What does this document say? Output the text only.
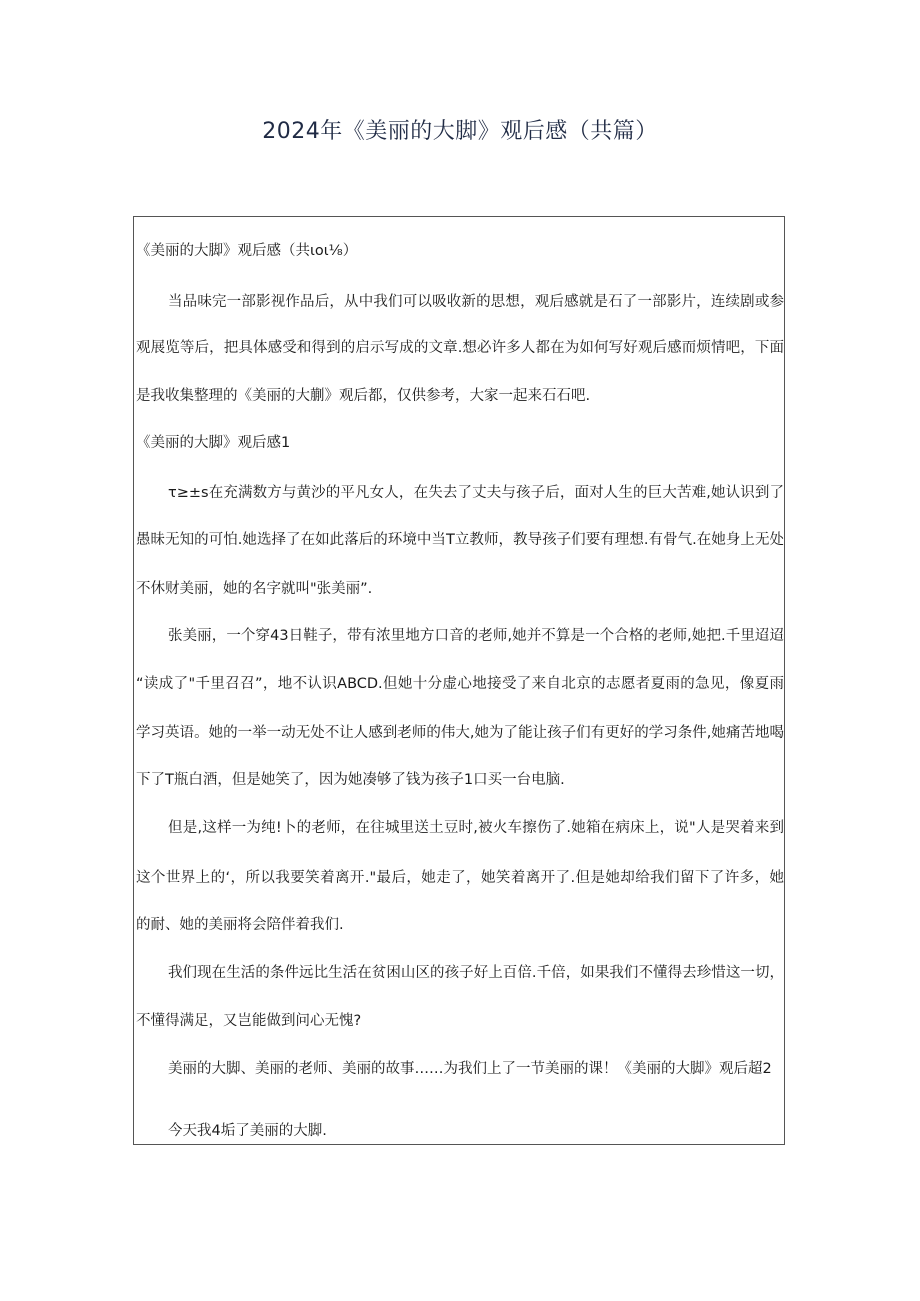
2024年《美丽的大脚》观后感（共篇）
《美丽的大脚》观后感（共ιoι⅛）
当品味完一部影视作品后，从中我们可以吸收新的思想，观后感就是石了一部影片，连续剧或参
观展览等后，把具体感受和得到的启示写成的文章.想必许多人都在为如何写好观后感而烦情吧，下面
是我收集整理的《美丽的大蒯》观后都，仅供参考，大家一起来石石吧.
《美丽的大脚》观后感1
τ≥±s在充满数方与黄沙的平凡女人，在失去了丈夫与孩子后，面对人生的巨大苦难,她认识到了
愚昧无知的可怕.她选择了在如此落后的环境中当T立教师，教导孩子们要有理想.有骨气.在她身上无处
不休财美丽，她的名字就叫"张美丽”.
张美丽，一个穿43日鞋子，带有浓里地方口音的老师,她并不算是一个合格的老师,她把.千里迢迢
“读成了"千里召召”，地不认识ABCD.但她十分虚心地接受了来自北京的志愿者夏雨的急见，像夏雨
学习英语。她的一举一动无处不让人感到老师的伟大,她为了能让孩子们有更好的学习条件,她痛苦地喝
下了T瓶白酒，但是她笑了，因为她凑够了钱为孩子1口买一台电脑.
但是,这样一为纯!卜的老师，在往城里送土豆时,被火车擦伤了.她箱在病床上，说"人是哭着来到
这个世界上的‘，所以我要笑着离开."最后，她走了，她笑着离开了.但是她却给我们留下了许多，她
的耐、她的美丽将会陪伴着我们.
我们现在生活的条件远比生活在贫困山区的孩子好上百倍.千倍，如果我们不懂得去珍惜这一切，
不懂得满足，又岂能做到问心无愧?
美丽的大脚、美丽的老师、美丽的故事……为我们上了一节美丽的课！《美丽的大脚》观后超2
今天我4垢了美丽的大脚.
